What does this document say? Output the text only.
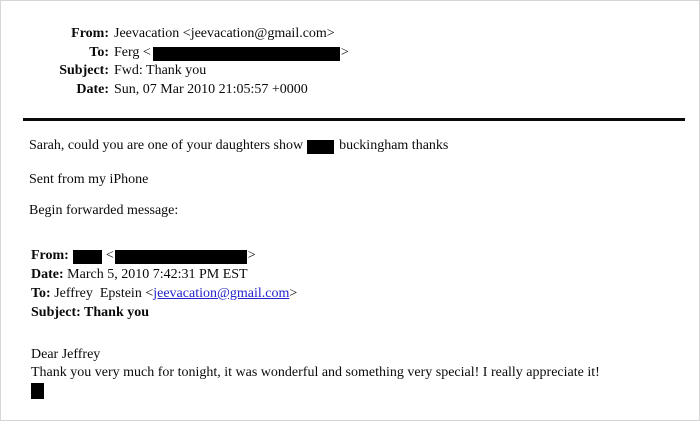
From: Jeevacation <jeevacation@gmail.com>
To: Ferg <	>
Subject: Fwd: Thank you
Date: Sun, 07 Mar 2010 21:05:57 +0000

Sarah, could you are one of your daughters show	buckingham thanks

Sent from my iPhone

Begin forwarded message:

From:	<	>
Date: March 5, 2010 7:42:31 PM EST
To: Jeffrey  Epstein <jeevacation@gmail.com>
Subject: Thank you
Dear Jeffrey
Thank you very much for tonight, it was wonderful and something very special! I really appreciate it!
